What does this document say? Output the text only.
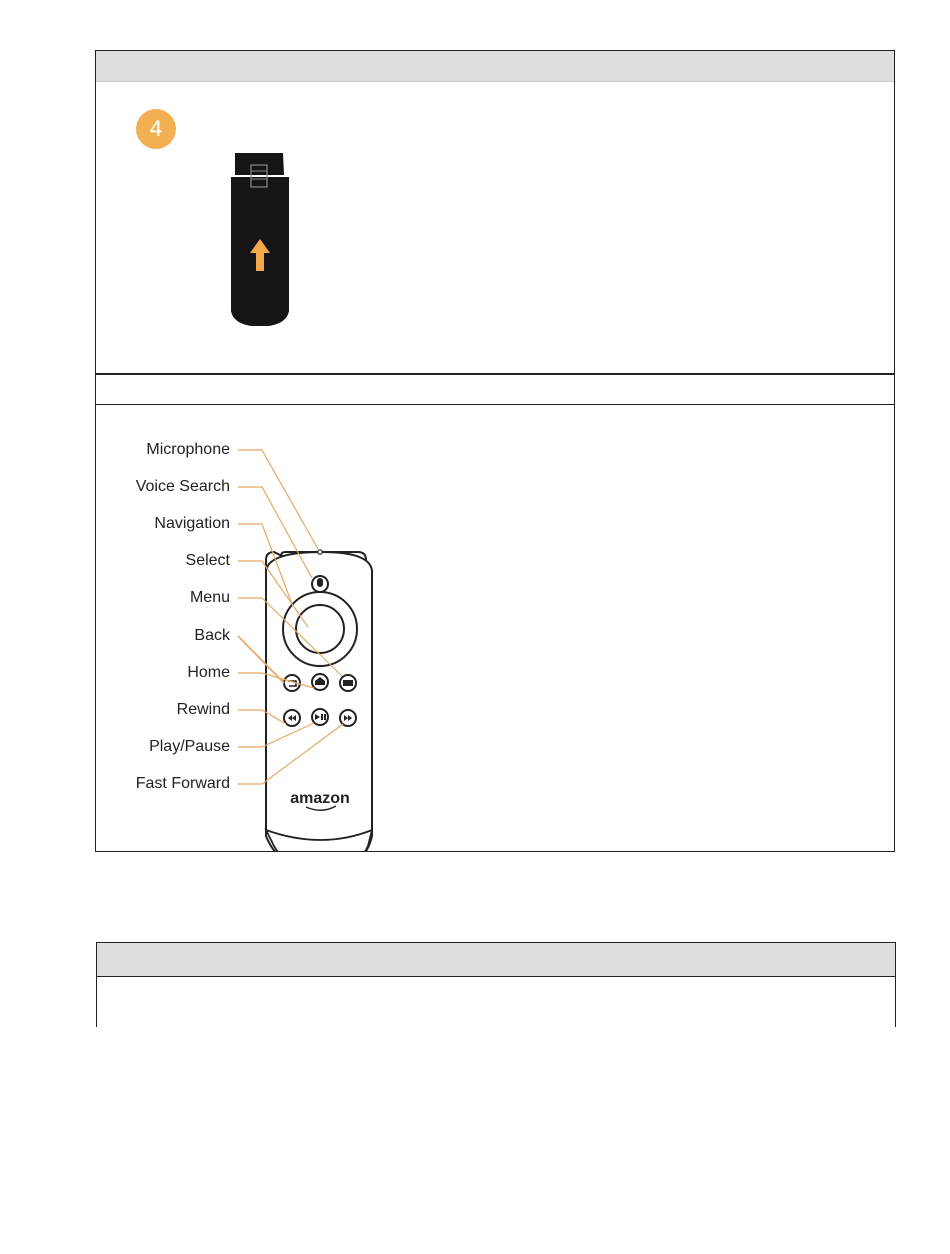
4
Microphone
Voice Search
Navigation
Select
Menu
Back
Home
Rewind
Play/Pause
Fast Forward
amazon
